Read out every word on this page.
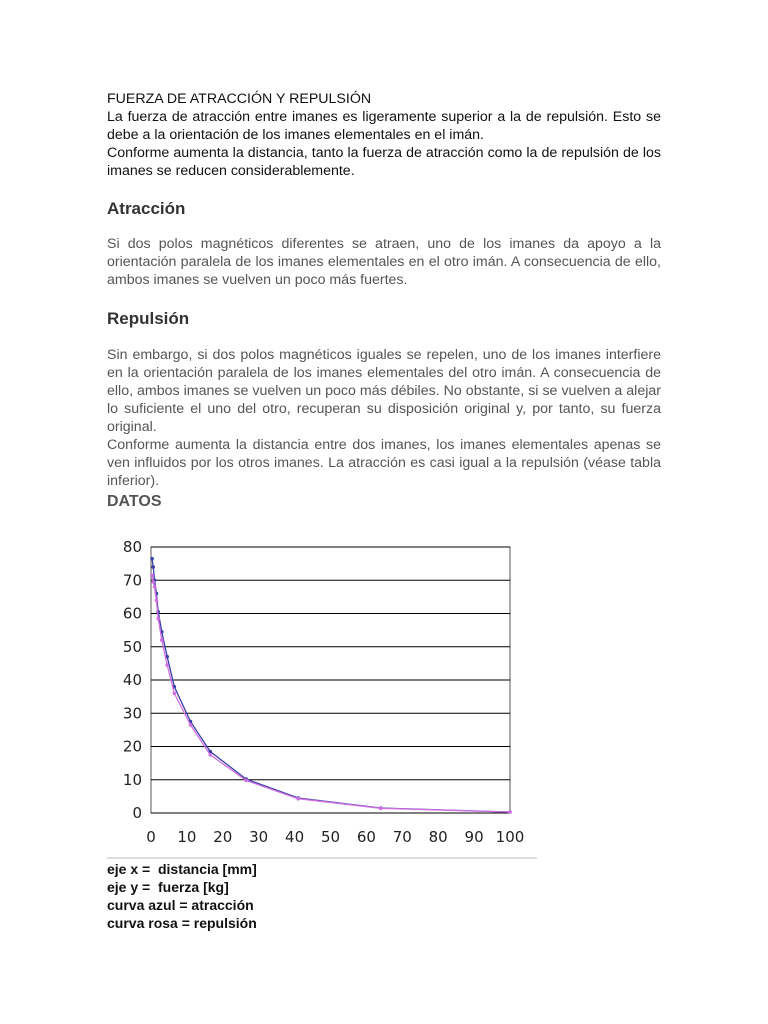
FUERZA DE ATRACCIÓN Y REPULSIÓN

La fuerza de atracción entre imanes es ligeramente superior a la de repulsión. Esto se debe a la orientación de los imanes elementales en el imán.

Conforme aumenta la distancia, tanto la fuerza de atracción como la de repulsión de los imanes se reducen considerablemente.

Atracción

Si dos polos magnéticos diferentes se atraen, uno de los imanes da apoyo a la orientación paralela de los imanes elementales en el otro imán. A consecuencia de ello, ambos imanes se vuelven un poco más fuertes.

Repulsión

Sin embargo, si dos polos magnéticos iguales se repelen, uno de los imanes interfiere en la orientación paralela de los imanes elementales del otro imán. A consecuencia de ello, ambos imanes se vuelven un poco más débiles. No obstante, si se vuelven a alejar lo suficiente el uno del otro, recuperan su disposición original y, por tanto, su fuerza original.

Conforme aumenta la distancia entre dos imanes, los imanes elementales apenas se ven influidos por los otros imanes. La atracción es casi igual a la repulsión (véase tabla inferior).

DATOS
0
10
20
30
40
50
60
70
80
0 10 20 30 40 50 60 70 80 90 100
eje x =  distancia [mm]
eje y =  fuerza [kg]
curva azul = atracción
curva rosa = repulsión
